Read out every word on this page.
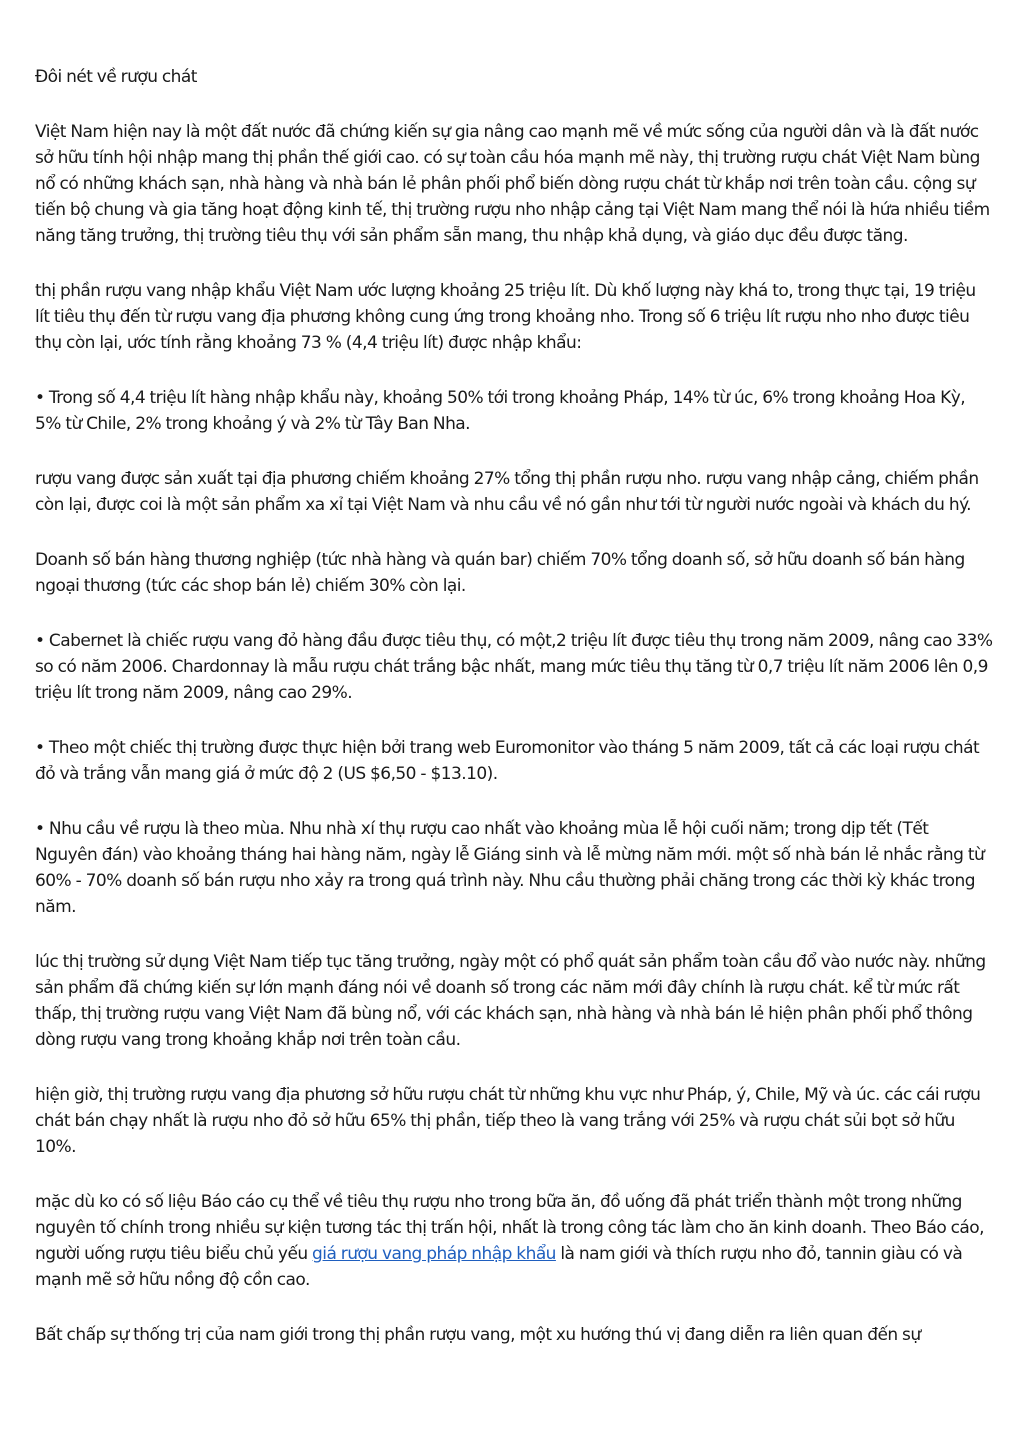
Đôi nét về rượu chát

Việt Nam hiện nay là một đất nước đã chứng kiến sự gia nâng cao mạnh mẽ về mức sống của người dân và là đất nước sở hữu tính hội nhập mang thị phần thế giới cao. có sự toàn cầu hóa mạnh mẽ này, thị trường rượu chát Việt Nam bùng nổ có những khách sạn, nhà hàng và nhà bán lẻ phân phối phổ biến dòng rượu chát từ khắp nơi trên toàn cầu. cộng sự tiến bộ chung và gia tăng hoạt động kinh tế, thị trường rượu nho nhập cảng tại Việt Nam mang thể nói là hứa nhiều tiềm năng tăng trưởng, thị trường tiêu thụ với sản phẩm sẵn mang, thu nhập khả dụng, và giáo dục đều được tăng.

thị phần rượu vang nhập khẩu Việt Nam ước lượng khoảng 25 triệu lít. Dù khố lượng này khá to, trong thực tại, 19 triệu lít tiêu thụ đến từ rượu vang địa phương không cung ứng trong khoảng nho. Trong số 6 triệu lít rượu nho nho được tiêu thụ còn lại, ước tính rằng khoảng 73 % (4,4 triệu lít) được nhập khẩu:

• Trong số 4,4 triệu lít hàng nhập khẩu này, khoảng 50% tới trong khoảng Pháp, 14% từ úc, 6% trong khoảng Hoa Kỳ, 5% từ Chile, 2% trong khoảng ý và 2% từ Tây Ban Nha.

rượu vang được sản xuất tại địa phương chiếm khoảng 27% tổng thị phần rượu nho. rượu vang nhập cảng, chiếm phần còn lại, được coi là một sản phẩm xa xỉ tại Việt Nam và nhu cầu về nó gần như tới từ người nước ngoài và khách du hý.

Doanh số bán hàng thương nghiệp (tức nhà hàng và quán bar) chiếm 70% tổng doanh số, sở hữu doanh số bán hàng ngoại thương (tức các shop bán lẻ) chiếm 30% còn lại.

• Cabernet là chiếc rượu vang đỏ hàng đầu được tiêu thụ, có một,2 triệu lít được tiêu thụ trong năm 2009, nâng cao 33% so có năm 2006. Chardonnay là mẫu rượu chát trắng bậc nhất, mang mức tiêu thụ tăng từ 0,7 triệu lít năm 2006 lên 0,9 triệu lít trong năm 2009, nâng cao 29%.

• Theo một chiếc thị trường được thực hiện bởi trang web Euromonitor vào tháng 5 năm 2009, tất cả các loại rượu chát đỏ và trắng vẫn mang giá ở mức độ 2 (US $6,50 - $13.10).

• Nhu cầu về rượu là theo mùa. Nhu nhà xí thụ rượu cao nhất vào khoảng mùa lễ hội cuối năm; trong dịp tết (Tết Nguyên đán) vào khoảng tháng hai hàng năm, ngày lễ Giáng sinh và lễ mừng năm mới. một số nhà bán lẻ nhắc rằng từ 60% - 70% doanh số bán rượu nho xảy ra trong quá trình này. Nhu cầu thường phải chăng trong các thời kỳ khác trong năm.

lúc thị trường sử dụng Việt Nam tiếp tục tăng trưởng, ngày một có phổ quát sản phẩm toàn cầu đổ vào nước này. những sản phẩm đã chứng kiến sự lớn mạnh đáng nói về doanh số trong các năm mới đây chính là rượu chát. kể từ mức rất thấp, thị trường rượu vang Việt Nam đã bùng nổ, với các khách sạn, nhà hàng và nhà bán lẻ hiện phân phối phổ thông dòng rượu vang trong khoảng khắp nơi trên toàn cầu.

hiện giờ, thị trường rượu vang địa phương sở hữu rượu chát từ những khu vực như Pháp, ý, Chile, Mỹ và úc. các cái rượu chát bán chạy nhất là rượu nho đỏ sở hữu 65% thị phần, tiếp theo là vang trắng với 25% và rượu chát sủi bọt sở hữu 10%.

mặc dù ko có số liệu Báo cáo cụ thể về tiêu thụ rượu nho trong bữa ăn, đồ uống đã phát triển thành một trong những nguyên tố chính trong nhiều sự kiện tương tác thị trấn hội, nhất là trong công tác làm cho ăn kinh doanh. Theo Báo cáo, người uống rượu tiêu biểu chủ yếu giá rượu vang pháp nhập khẩu là nam giới và thích rượu nho đỏ, tannin giàu có và mạnh mẽ sở hữu nồng độ cồn cao.

Bất chấp sự thống trị của nam giới trong thị phần rượu vang, một xu hướng thú vị đang diễn ra liên quan đến sự
